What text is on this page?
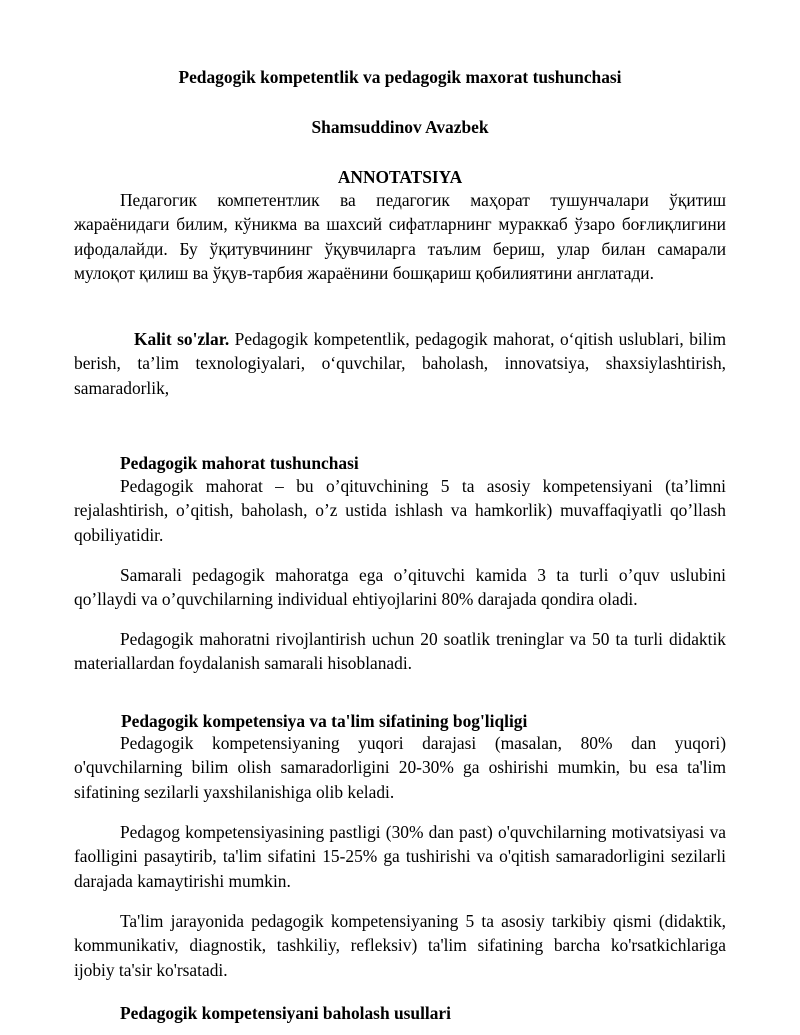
Pedagogik kompetentlik va pedagogik maxorat tushunchasi
Shamsuddinov Avazbek
ANNOTATSIYA

Педагогик компетентлик ва педагогик маҳорат тушунчалари ўқитиш жараёнидаги билим, кўникма ва шахсий сифатларнинг мураккаб ўзаро боғлиқлигини ифодалайди. Бу ўқитувчининг ўқувчиларга таълим бериш, улар билан самарали мулоқот қилиш ва ўқув-тарбия жараёнини бошқариш қобилиятини англатади.

Kalit so'zlar. Pedagogik kompetentlik, pedagogik mahorat, o‘qitish uslublari, bilim berish, ta’lim texnologiyalari, o‘quvchilar, baholash, innovatsiya, shaxsiylashtirish, samaradorlik,

Pedagogik mahorat tushunchasi

Pedagogik mahorat – bu o’qituvchining 5 ta asosiy kompetensiyani (ta’limni rejalashtirish, o’qitish, baholash, o’z ustida ishlash va hamkorlik) muvaffaqiyatli qo’llash qobiliyatidir.

Samarali pedagogik mahoratga ega o’qituvchi kamida 3 ta turli o’quv uslubini qo’llaydi va o’quvchilarning individual ehtiyojlarini 80% darajada qondira oladi.

Pedagogik mahoratni rivojlantirish uchun 20 soatlik treninglar va 50 ta turli didaktik materiallardan foydalanish samarali hisoblanadi.

Pedagogik kompetensiya va ta'lim sifatining bog'liqligi

Pedagogik kompetensiyaning yuqori darajasi (masalan, 80% dan yuqori) o'quvchilarning bilim olish samaradorligini 20-30% ga oshirishi mumkin, bu esa ta'lim sifatining sezilarli yaxshilanishiga olib keladi.

Pedagog kompetensiyasining pastligi (30% dan past) o'quvchilarning motivatsiyasi va faolligini pasaytirib, ta'lim sifatini 15-25% ga tushirishi va o'qitish samaradorligini sezilarli darajada kamaytirishi mumkin.

Ta'lim jarayonida pedagogik kompetensiyaning 5 ta asosiy tarkibiy qismi (didaktik, kommunikativ, diagnostik, tashkiliy, refleksiv) ta'lim sifatining barcha ko'rsatkichlariga ijobiy ta'sir ko'rsatadi.

Pedagogik kompetensiyani baholash usullari
